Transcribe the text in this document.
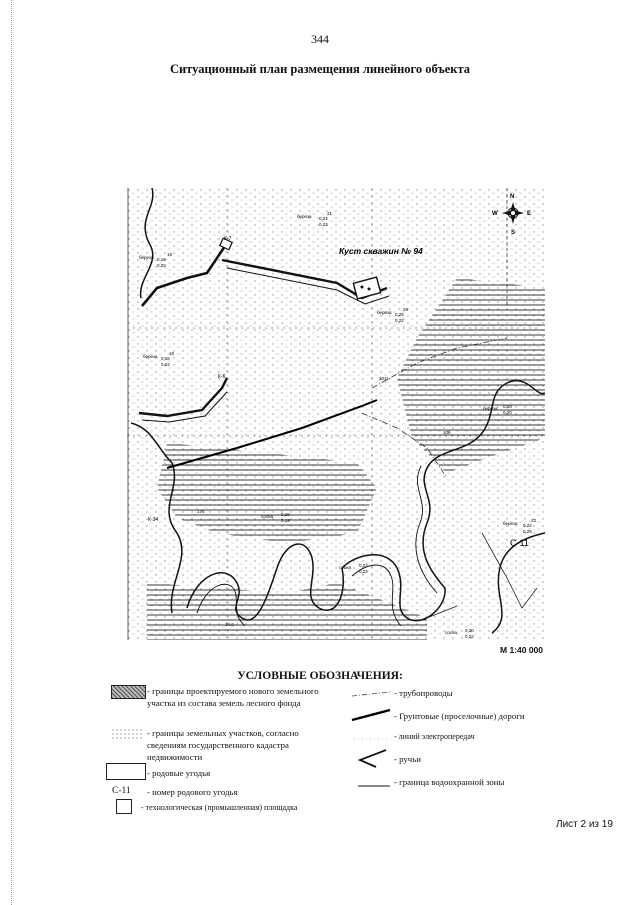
344
Ситуационный план размещения линейного объекта
N
S
E
W
Куст скважин № 94
К-7
К-6
К-34
С-11
2011
106
176
14.0
береза
21
0,21
0,22
береза
19
0,19
0,20
береза
25
0,25
0,22
береза
18
0,18
0,22
береза 0,19
0,20
сосна 0,19
0,19
береза
22
0,22
0,28
сосна 0,22
0,22
сосна 0,20
0,22
М 1:40 000
УСЛОВНЫЕ ОБОЗНАЧЕНИЯ:
- границы проектируемого нового земельного участка из состава земель лесного фонда
- границы земельных участков, согласно сведениям государственного кадастра недвижимости
- родовые угодья
С-11 - номер родового угодья
- технологическая (промышленная) площадка
- трубопроводы
- Грунтовые (проселочные) дороги
- линий электропередач
- ручьи
- граница водоохранной зоны
Лист 2 из 19
